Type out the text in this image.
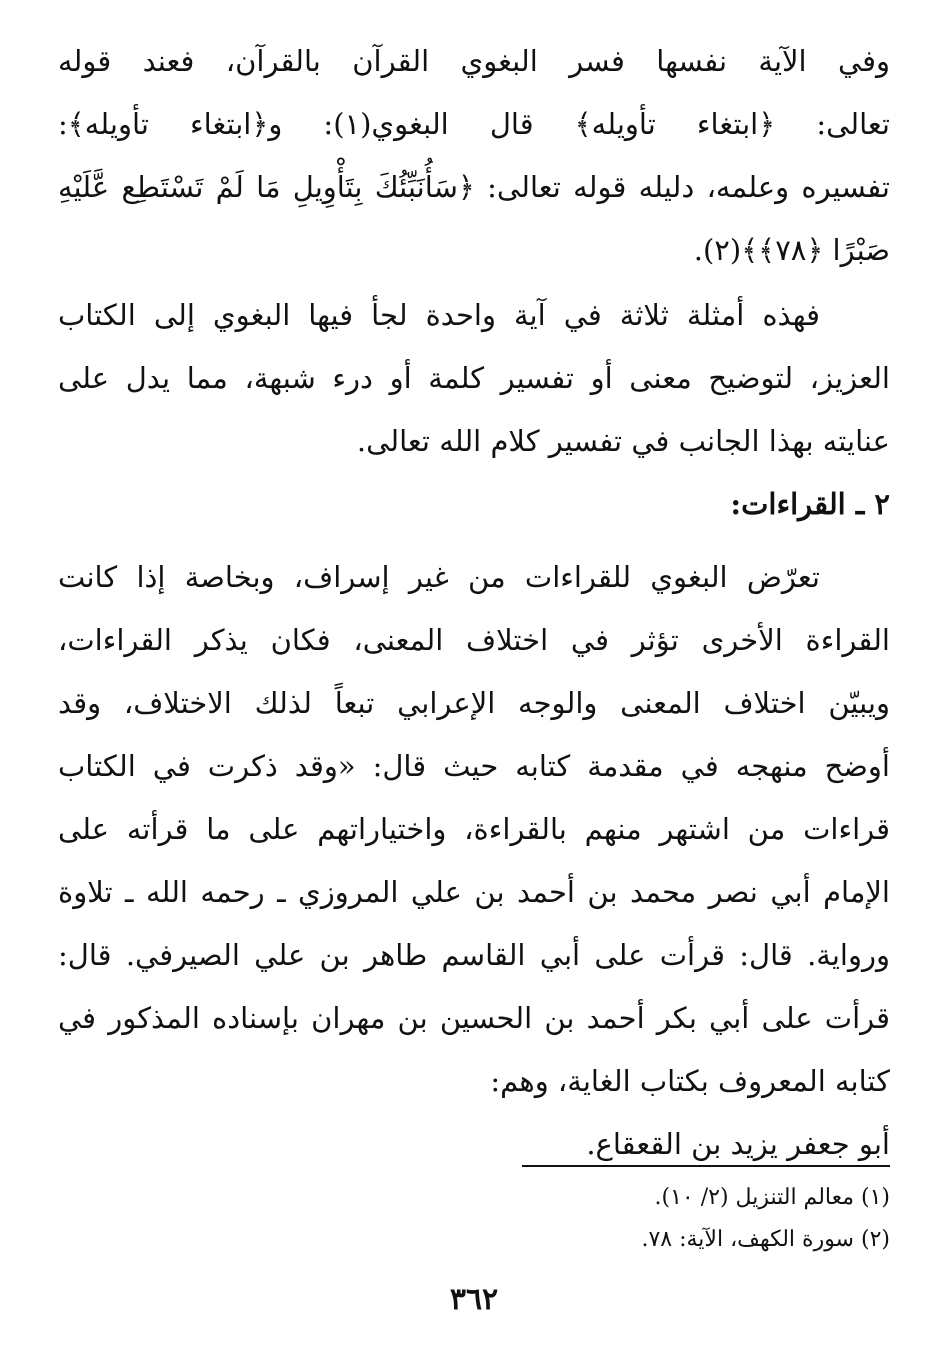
وفي الآية نفسها فسر البغوي القرآن بالقرآن، فعند قوله
تعالى: ﴿ابتغاء تأويله﴾ قال البغوي(١): و﴿ابتغاء تأويله﴾:
تفسيره وعلمه، دليله قوله تعالى: ﴿سَأُنَبِّئُكَ بِتَأْوِيلِ مَا لَمْ تَسْتَطِع عَّلَيْهِ
صَبْرًا ﴿٧٨﴾﴾(٢).

فهذه أمثلة ثلاثة في آية واحدة لجأ فيها البغوي إلى الكتاب
العزيز، لتوضيح معنى أو تفسير كلمة أو درء شبهة، مما يدل على
عنايته بهذا الجانب في تفسير كلام الله تعالى.

٢ ـ القراءات:

تعرّض البغوي للقراءات من غير إسراف، وبخاصة إذا كانت
القراءة الأخرى تؤثر في اختلاف المعنى، فكان يذكر القراءات،
ويبيّن اختلاف المعنى والوجه الإعرابي تبعاً لذلك الاختلاف، وقد
أوضح منهجه في مقدمة كتابه حيث قال: «وقد ذكرت في الكتاب
قراءات من اشتهر منهم بالقراءة، واختياراتهم على ما قرأته على
الإمام أبي نصر محمد بن أحمد بن علي المروزي ـ رحمه الله ـ تلاوة
ورواية. قال: قرأت على أبي القاسم طاهر بن علي الصيرفي. قال:
قرأت على أبي بكر أحمد بن الحسين بن مهران بإسناده المذكور في
كتابه المعروف بكتاب الغاية، وهم:
أبو جعفر يزيد بن القعقاع.

(١) معالم التنزيل (٢/ ١٠).
(٢) سورة الكهف، الآية: ٧٨.
٣٦٢
